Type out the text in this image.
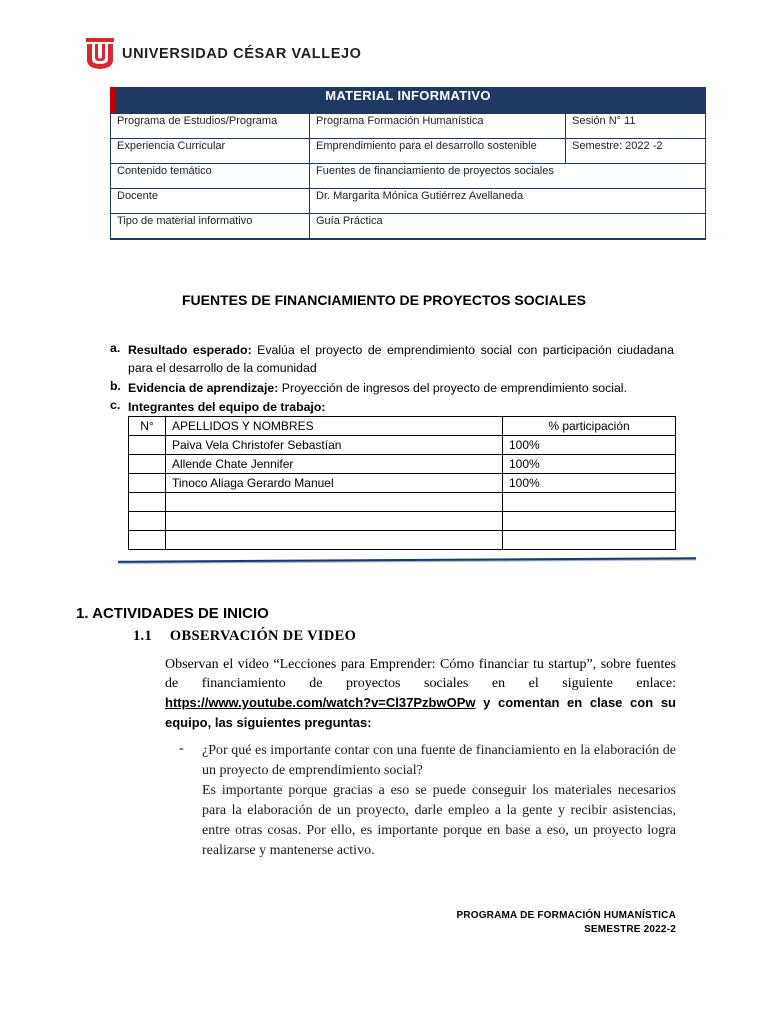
UNIVERSIDAD CÉSAR VALLEJO
MATERIAL INFORMATIVO
Programa de Estudios/Programa	Programa Formación Humanística	Sesión N° 11
Experiencia Curricular	Emprendimiento para el desarrollo sostenible	Semestre: 2022 -2
Contenido temático	Fuentes de financiamiento de proyectos sociales	
Docente	Dr. Margarita Mónica Gutiérrez Avellaneda	
Tipo de material informativo	Guía Práctica	
FUENTES DE FINANCIAMIENTO DE PROYECTOS SOCIALES
a. Resultado esperado: Evalúa el proyecto de emprendimiento social con participación ciudadana para el desarrollo de la comunidad
b. Evidencia de aprendizaje: Proyección de ingresos del proyecto de emprendimiento social.
c. Integrantes del equipo de trabajo:
N°	APELLIDOS Y NOMBRES	% participación
	Paiva Vela Christofer Sebastían	100%
	Allende Chate Jennifer	100%
	Tinoco Aliaga Gerardo Manuel	100%

1. ACTIVIDADES DE INICIO
1.1 OBSERVACIÓN DE VIDEO
Observan el video “Lecciones para Emprender: Cómo financiar tu startup”, sobre fuentes de financiamiento de proyectos sociales en el siguiente enlace: https://www.youtube.com/watch?v=Cl37PzbwOPw y comentan en clase con su equipo, las siguientes preguntas:
- ¿Por qué es importante contar con una fuente de financiamiento en la elaboración de un proyecto de emprendimiento social?
Es importante porque gracias a eso se puede conseguir los materiales necesarios para la elaboración de un proyecto, darle empleo a la gente y recibir asistencias, entre otras cosas. Por ello, es importante porque en base a eso, un proyecto logra realizarse y mantenerse activo.
PROGRAMA DE FORMACIÓN HUMANÍSTICA
SEMESTRE 2022-2
